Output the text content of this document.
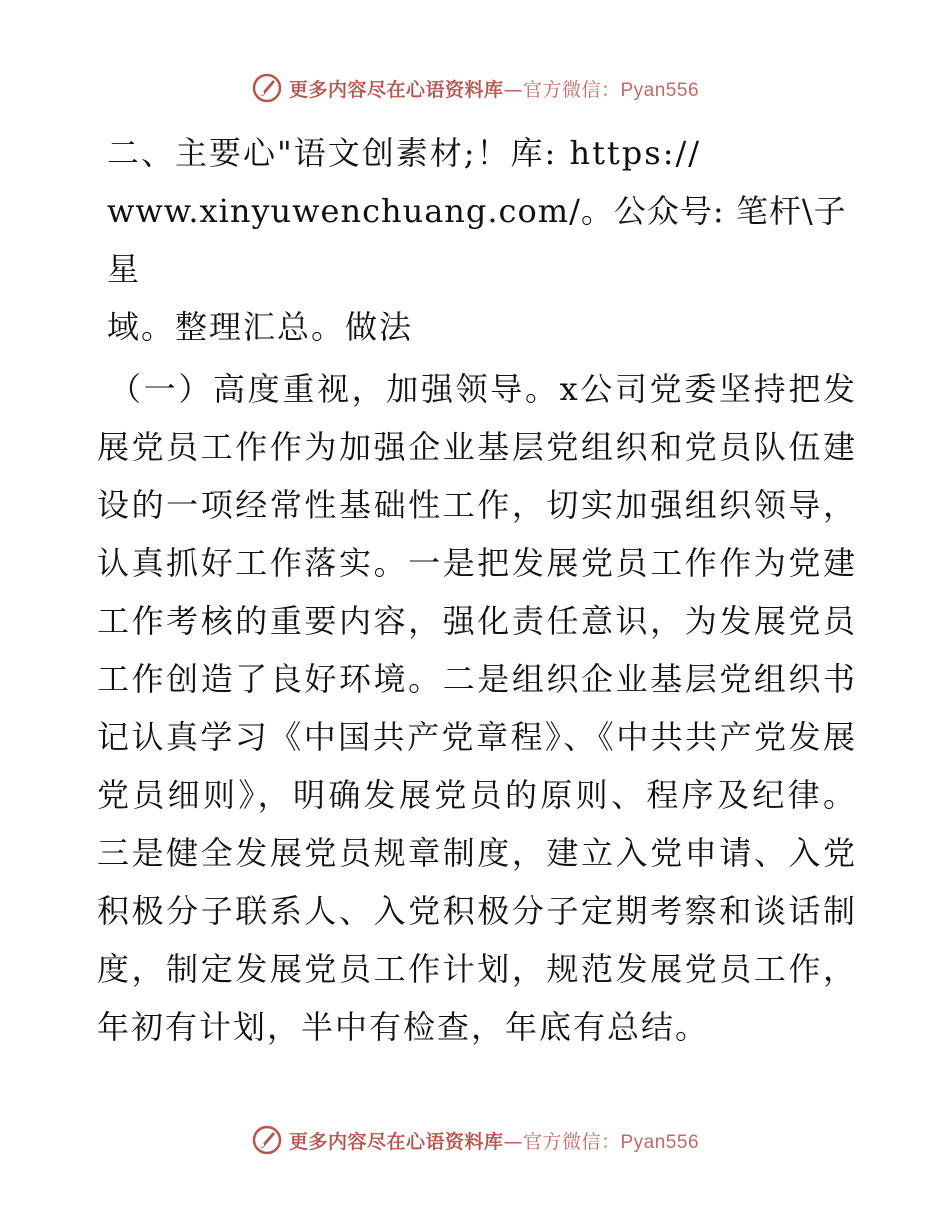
更多内容尽在心语资料库—官方微信：Pyan556

二、主要心"语文创素材;！库: https://
www.xinyuwenchuang.com/。公众号: 笔杆\子星
域。整理汇总。做法

（一）高度重视，加强领导。x公司党委坚持把发展党员工作作为加强企业基层党组织和党员队伍建设的一项经常性基础性工作，切实加强组织领导，认真抓好工作落实。一是把发展党员工作作为党建工作考核的重要内容，强化责任意识，为发展党员工作创造了良好环境。二是组织企业基层党组织书记认真学习《中国共产党章程》、《中共共产党发展党员细则》，明确发展党员的原则、程序及纪律。三是健全发展党员规章制度，建立入党申请、入党积极分子联系人、入党积极分子定期考察和谈话制度，制定发展党员工作计划，规范发展党员工作，年初有计划，半中有检查，年底有总结。

更多内容尽在心语资料库—官方微信：Pyan556
